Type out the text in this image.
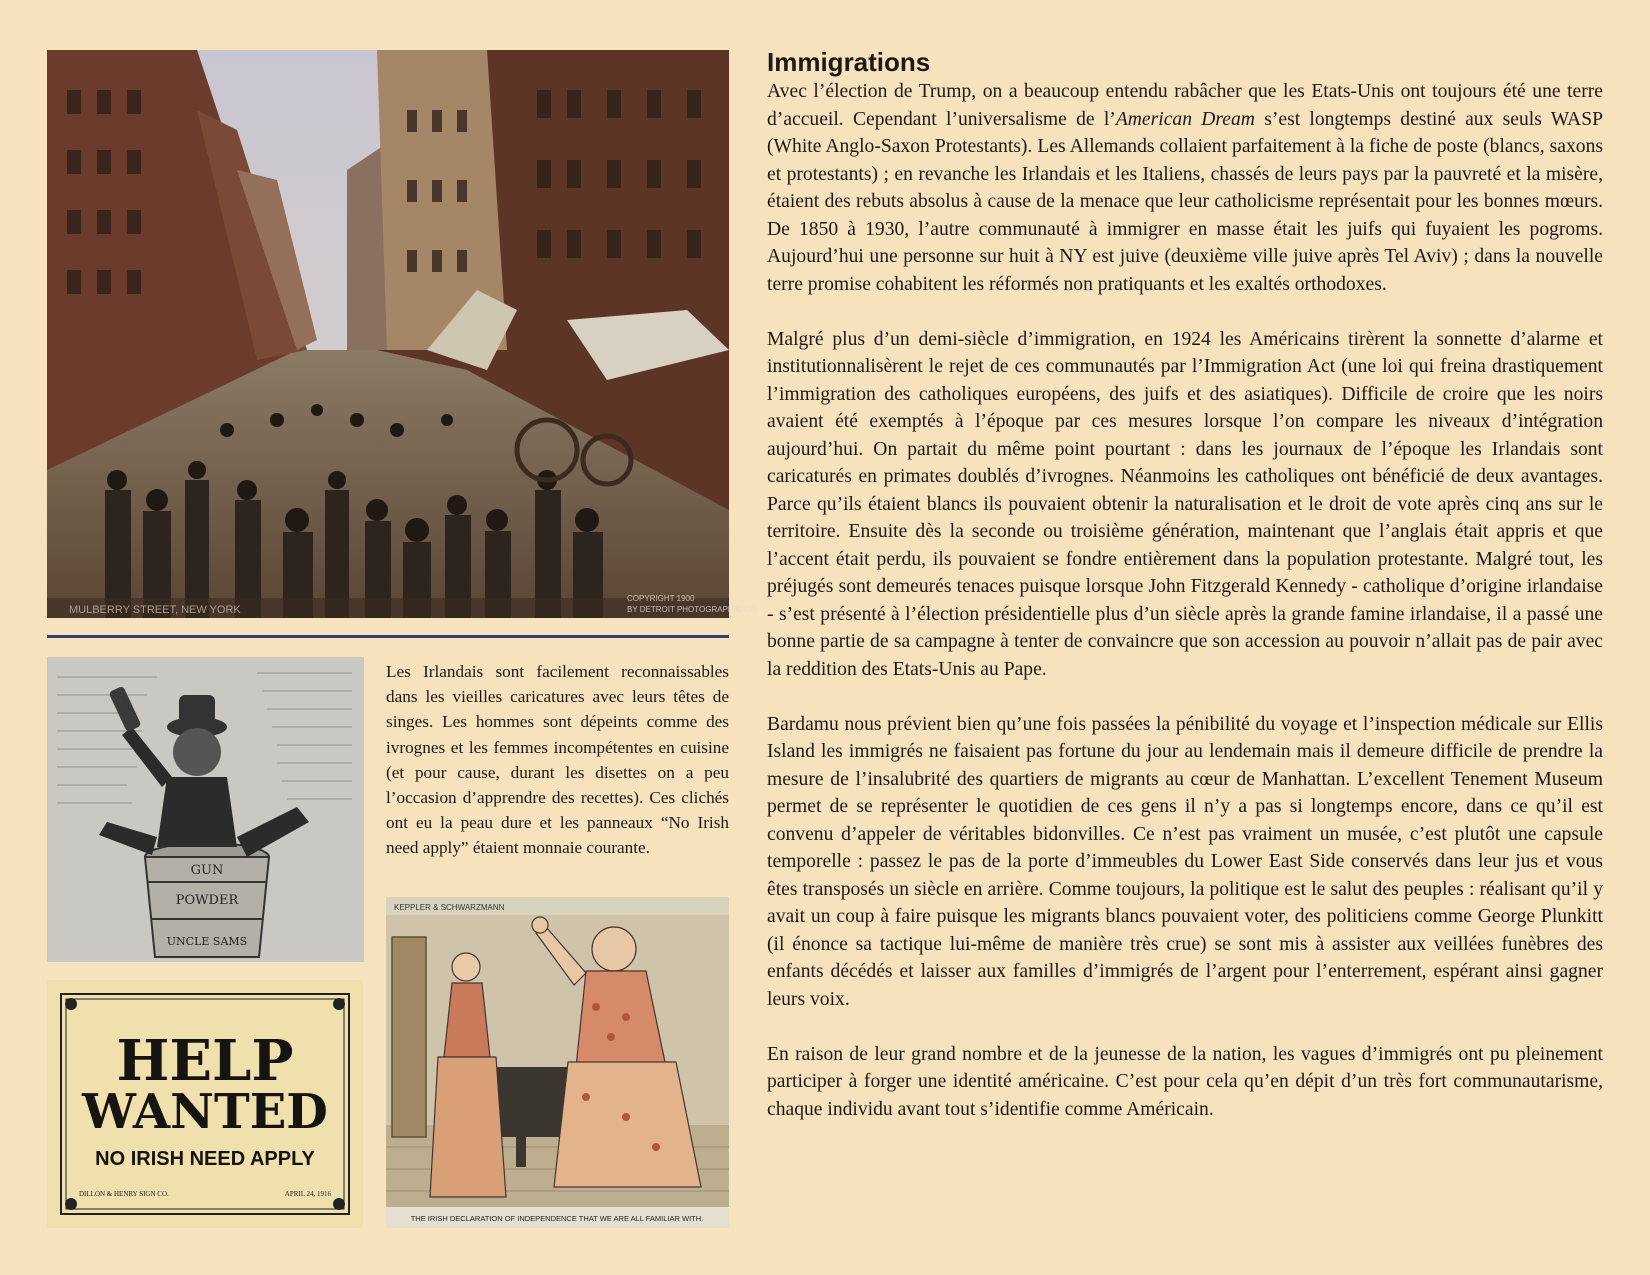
MULBERRY STREET, NEW YORK
COPYRIGHT 1900
BY DETROIT PHOTOGRAPHIC CO.
GUN
POWDER
UNCLE SAMS
HELP
WANTED
NO IRISH NEED APPLY
DILLON & HENRY SIGN CO.	APRIL 24, 1916
KEPPLER & SCHWARZMANN
THE IRISH DECLARATION OF INDEPENDENCE THAT WE ARE ALL FAMILIAR WITH.

Les Irlandais sont facilement reconnaissables dans les vieilles caricatures avec leurs têtes de singes. Les hommes sont dépeints comme des ivrognes et les femmes incompétentes en cuisine (et pour cause, durant les disettes on a peu l’occasion d’apprendre des recettes). Ces clichés ont eu la peau dure et les panneaux “No Irish need apply” étaient monnaie courante.

Immigrations

Avec l’élection de Trump, on a beaucoup entendu rabâcher que les Etats-Unis ont toujours été une terre d’accueil. Cependant l’universalisme de l’American Dream s’est longtemps destiné aux seuls WASP (White Anglo-Saxon Protestants). Les Allemands collaient parfaitement à la fiche de poste (blancs, saxons et protestants) ; en revanche les Irlandais et les Italiens, chassés de leurs pays par la pauvreté et la misère, étaient des rebuts absolus à cause de la menace que leur catholicisme représentait pour les bonnes mœurs. De 1850 à 1930, l’autre communauté à immigrer en masse était les juifs qui fuyaient les pogroms. Aujourd’hui une personne sur huit à NY est juive (deuxième ville juive après Tel Aviv) ; dans la nouvelle terre promise cohabitent les réformés non pratiquants et les exaltés orthodoxes.

Malgré plus d’un demi-siècle d’immigration, en 1924 les Américains tirèrent la sonnette d’alarme et institutionnalisèrent le rejet de ces communautés par l’Immigration Act (une loi qui freina drastiquement l’immigration des catholiques européens, des juifs et des asiatiques). Difficile de croire que les noirs avaient été exemptés à l’époque par ces mesures lorsque l’on compare les niveaux d’intégration aujourd’hui. On partait du même point pourtant : dans les journaux de l’époque les Irlandais sont caricaturés en primates doublés d’ivrognes. Néanmoins les catholiques ont bénéficié de deux avantages. Parce qu’ils étaient blancs ils pouvaient obtenir la naturalisation et le droit de vote après cinq ans sur le territoire. Ensuite dès la seconde ou troisième génération, maintenant que l’anglais était appris et que l’accent était perdu, ils pouvaient se fondre entièrement dans la population protestante. Malgré tout, les préjugés sont demeurés tenaces puisque lorsque John Fitzgerald Kennedy - catholique d’origine irlandaise - s’est présenté à l’élection présidentielle plus d’un siècle après la grande famine irlandaise, il a passé une bonne partie de sa campagne à tenter de convaincre que son accession au pouvoir n’allait pas de pair avec la reddition des Etats-Unis au Pape.

Bardamu nous prévient bien qu’une fois passées la pénibilité du voyage et l’inspection médicale sur Ellis Island les immigrés ne faisaient pas fortune du jour au lendemain mais il demeure difficile de prendre la mesure de l’insalubrité des quartiers de migrants au cœur de Manhattan. L’excellent Tenement Museum permet de se représenter le quotidien de ces gens il n’y a pas si longtemps encore, dans ce qu’il est convenu d’appeler de véritables bidonvilles. Ce n’est pas vraiment un musée, c’est plutôt une capsule temporelle : passez le pas de la porte d’immeubles du Lower East Side conservés dans leur jus et vous êtes transposés un siècle en arrière. Comme toujours, la politique est le salut des peuples : réalisant qu’il y avait un coup à faire puisque les migrants blancs pouvaient voter, des politiciens comme George Plunkitt (il énonce sa tactique lui-même de manière très crue) se sont mis à assister aux veillées funèbres des enfants décédés et laisser aux familles d’immigrés de l’argent pour l’enterrement, espérant ainsi gagner leurs voix.

En raison de leur grand nombre et de la jeunesse de la nation, les vagues d’immigrés ont pu pleinement participer à forger une identité américaine. C’est pour cela qu’en dépit d’un très fort communautarisme, chaque individu avant tout s’identifie comme Américain.
